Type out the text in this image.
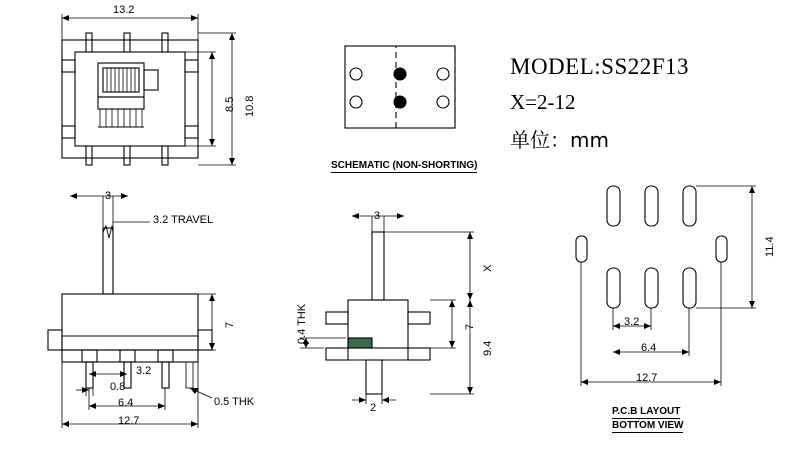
13.2
8.5 10.8
SCHEMATIC (NON-SHORTING)
MODEL:SS22F13
X=2-12
单位：mm
3
3.2 TRAVEL
7
3.2
0.8
6.4	0.5 THK
12.7
3
X
7
9.4
0.4 THK
2
3.2
6.4
12.7
11.4
P.C.B LAYOUT
BOTTOM VIEW
